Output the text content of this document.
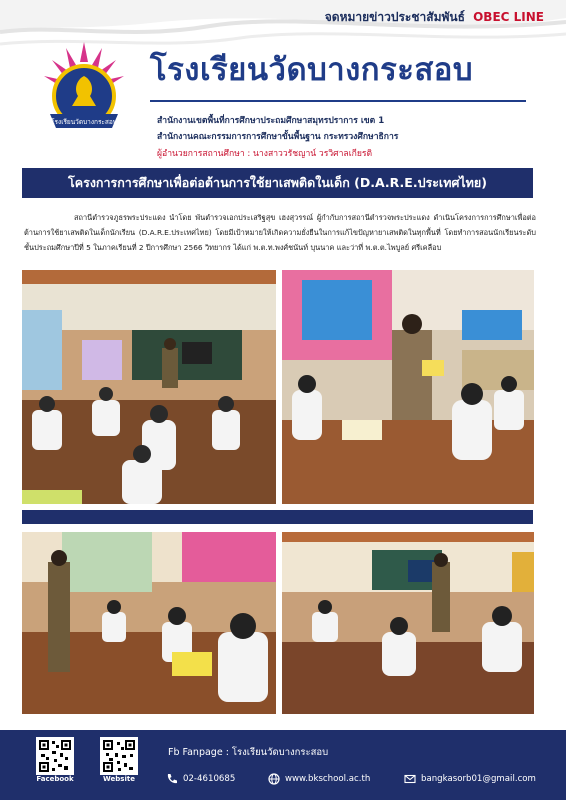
จดหมายข่าวประชาสัมพันธ์ OBEC LINE
โรงเรียนวัดบางกระสอบ
โรงเรียนวัดบางกระสอบ
สำนักงานเขตพื้นที่การศึกษาประถมศึกษาสมุทรปราการ เขต 1
สำนักงานคณะกรรมการการศึกษาขั้นพื้นฐาน กระทรวงศึกษาธิการ
ผู้อำนวยการสถานศึกษา : นางสาววรัชญาน์ วรวิศาลเกียรติ
โครงการการศึกษาเพื่อต่อต้านการใช้ยาเสพติดในเด็ก (D.A.R.E.ประเทศไทย)
สถานีตำรวจภูธรพระประแดง นำโดย พันตำรวจเอกประเสริฐสุข เฮงสุวรรณ์ ผู้กำกับการสถานีตำรวจพระประแดง ดำเนินโครงการการศึกษาเพื่อต่อต้านการใช้ยาเสพติดในเด็กนักเรียน (D.A.R.E.ประเทศไทย) โดยมีเป้าหมายให้เกิดความยั่งยืนในการแก้ไขปัญหายาเสพติดในทุกพื้นที่ โดยทำการสอนนักเรียนระดับชั้นประถมศึกษาปีที่ 5 ในภาคเรียนที่ 2 ปีการศึกษา 2566 วิทยากร ได้แก่ พ.ต.ท.พงศ์ชนันท์ บุนนาค และว่าที่ พ.ต.ต.ไพบูลย์ ศรีเคลือบ
Facebook	Website
Fb Fanpage : โรงเรียนวัดบางกระสอบ
02-4610685	www.bkschool.ac.th	bangkasorb01@gmail.com
